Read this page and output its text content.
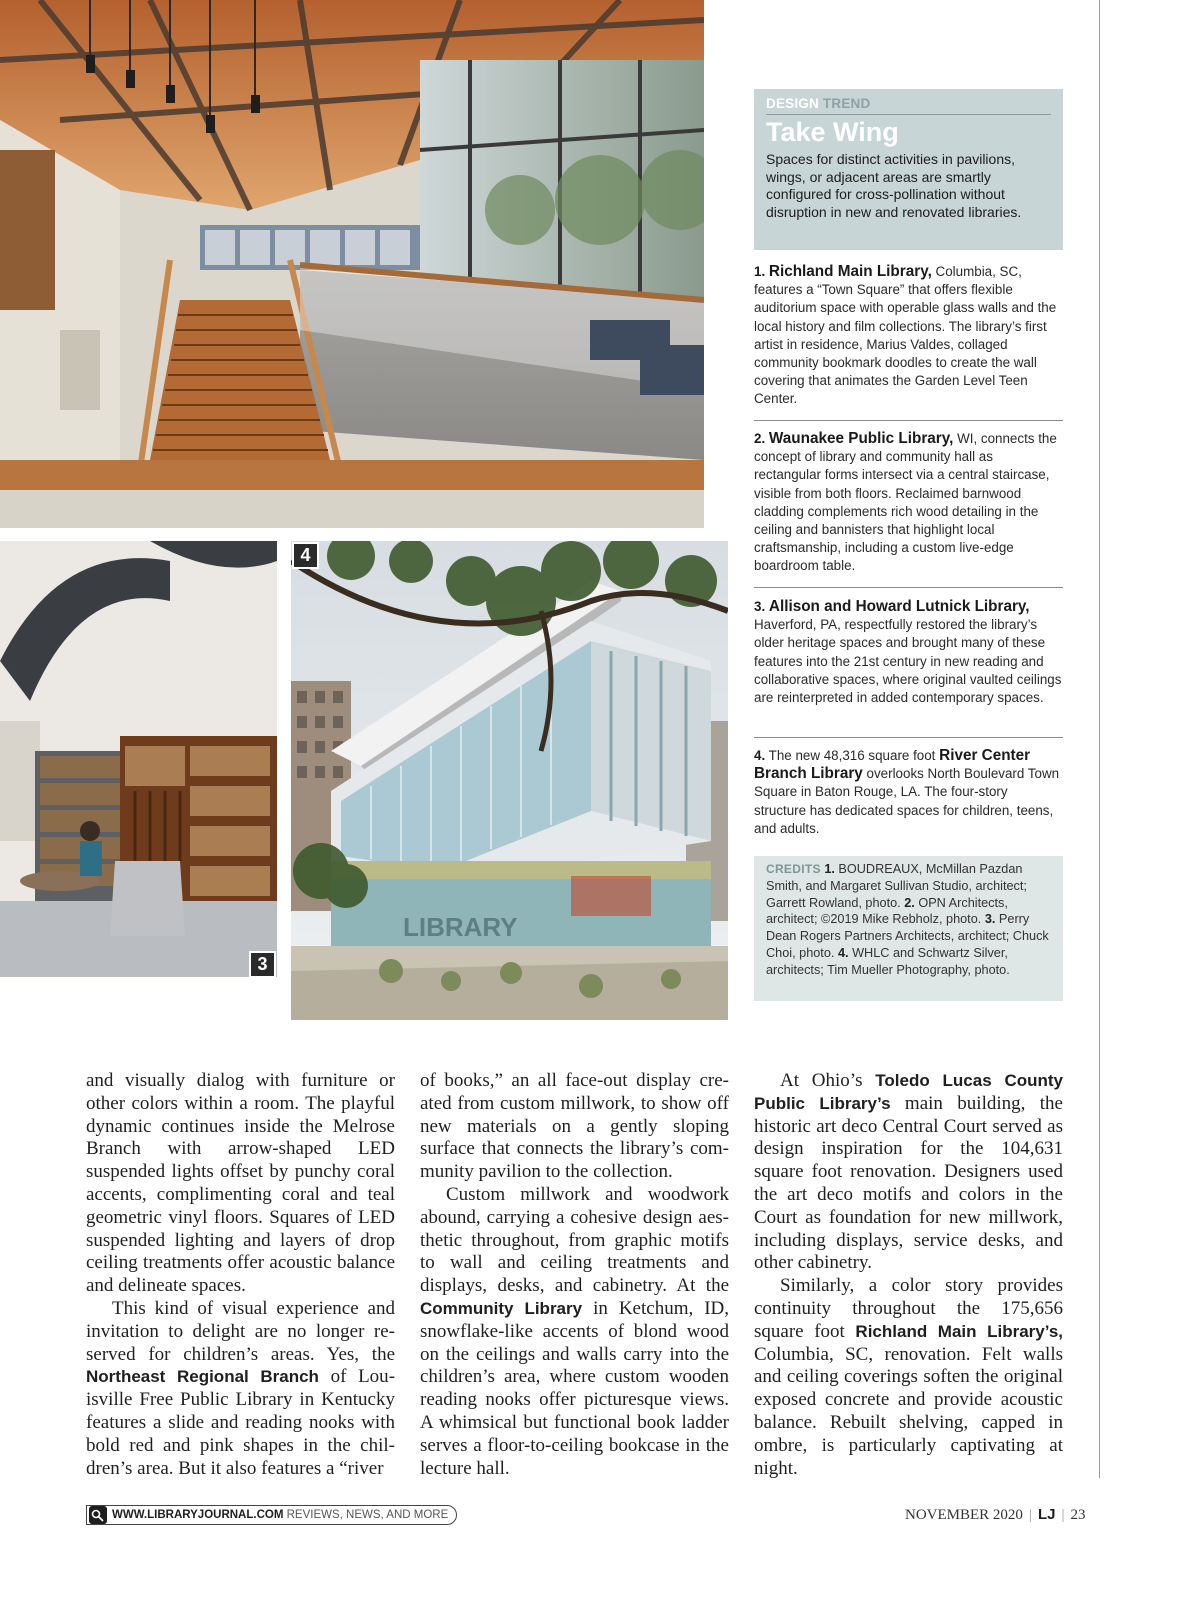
3
LIBRARY
4
DESIGN TREND
Take Wing
Spaces for distinct activities in pavilions, wings, or adjacent areas are smartly configured for cross-pollination without disruption in new and renovated libraries.
1. Richland Main Library, Columbia, SC, features a “Town Square” that offers flexible auditorium space with operable glass walls and the local history and film collections. The library’s first artist in residence, Marius Valdes, collaged community bookmark doodles to create the wall covering that animates the Garden Level Teen Center.
2. Waunakee Public Library, WI, connects the concept of library and community hall as rectangular forms intersect via a central staircase, visible from both floors. Reclaimed barnwood cladding complements rich wood detailing in the ceiling and bannisters that highlight local craftsmanship, including a custom live-edge boardroom table.
3. Allison and Howard Lutnick Library, Haverford, PA, respectfully restored the library’s older heritage spaces and brought many of these features into the 21st century in new reading and collaborative spaces, where original vaulted ceilings are reinterpreted in added contemporary spaces.
4. The new 48,316 square foot River Center Branch Library overlooks North Boulevard Town Square in Baton Rouge, LA. The four-story structure has dedicated spaces for children, teens, and adults.
CREDITS 1. BOUDREAUX, McMillan Pazdan Smith, and Margaret Sullivan Studio, architect; Garrett Rowland, photo. 2. OPN Architects, architect; ©2019 Mike Rebholz, photo. 3. Perry Dean Rogers Partners Architects, architect; Chuck Choi, photo. 4. WHLC and Schwartz Silver, architects; Tim Mueller Photography, photo.

and visually dialog with furniture or other colors within a room. The playful dynamic continues inside the Melrose Branch with arrow-shaped LED suspended lights offset by punchy coral accents, complimenting coral and teal geometric vinyl floors. Squares of LED suspended lighting and layers of drop ceiling treatments offer acoustic balance and delineate spaces.

This kind of visual experience and invitation to delight are no longer reserved for children’s areas. Yes, the Northeast Regional Branch of Louisville Free Public Library in Kentucky features a slide and reading nooks with bold red and pink shapes in the children’s area. But it also features a “river

of books,” an all face-out display created from custom millwork, to show off new materials on a gently sloping surface that connects the library’s community pavilion to the collection.

Custom millwork and woodwork abound, carrying a cohesive design aesthetic throughout, from graphic motifs to wall and ceiling treatments and displays, desks, and cabinetry. At the Community Library in Ketchum, ID, snowflake-like accents of blond wood on the ceilings and walls carry into the children’s area, where custom wooden reading nooks offer picturesque views. A whimsical but functional book ladder serves a floor-to-ceiling bookcase in the lecture hall.

At Ohio’s Toledo Lucas County Public Library’s main building, the historic art deco Central Court served as design inspiration for the 104,631 square foot renovation. Designers used the art deco motifs and colors in the Court as foundation for new millwork, including displays, service desks, and other cabinetry.

Similarly, a color story provides continuity throughout the 175,656 square foot Richland Main Library’s, Columbia, SC, renovation. Felt walls and ceiling coverings soften the original exposed concrete and provide acoustic balance. Rebuilt shelving, capped in ombre, is particularly captivating at night.

WWW.LIBRARYJOURNAL.COM REVIEWS, NEWS, AND MORE	NOVEMBER 2020 | LJ | 23
